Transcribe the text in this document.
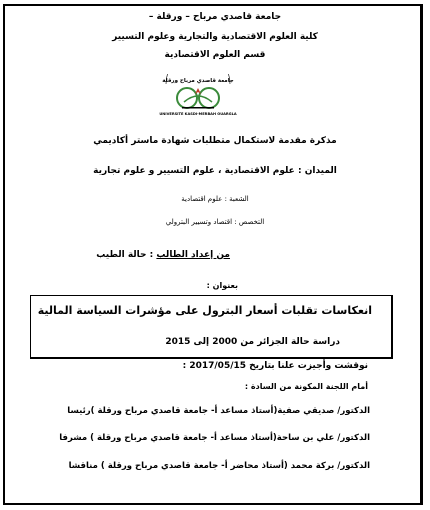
جامعة قاصدي مرباح – ورقلة –
كلية العلوم الاقتصادية والتجارية وعلوم التسيير
قسم العلوم الاقتصادية
جامعة قاصدي مرباح ورقلة
UNIVERSITE KASDI-MERBAH OUARGLA
مذكرة مقدمة لاستكمال متطلبات شهادة ماستر أكاديمي
الميدان : علوم الاقتصادية ، علوم التسيير و علوم تجارية
الشعبة : علوم اقتصادية
التخصص : اقتصاد وتسيير البترولي
من إعداد الطالب : حالة الطيب
بعنوان :
انعكاسات تقلبات أسعار البترول على مؤشرات السياسة المالية
دراسة حالة الجزائر من 2000 إلى 2015
نوقشت وأجيزت علنا بتاريخ 2017/05/15 :
أمام اللجنة المكونة من السادة :
الدكتور/ صديقي صفية(أستاذ مساعد أ- جامعة قاصدي مرباح ورقلة )رئيسا
الدكتور/ علي بن ساحة(أستاذ مساعد أ- جامعة قاصدي مرباح ورقلة ) مشرفا
الدكتور/ بركة محمد (أستاذ محاضر أ- جامعة قاصدي مرباح ورقلة ) مناقشا
